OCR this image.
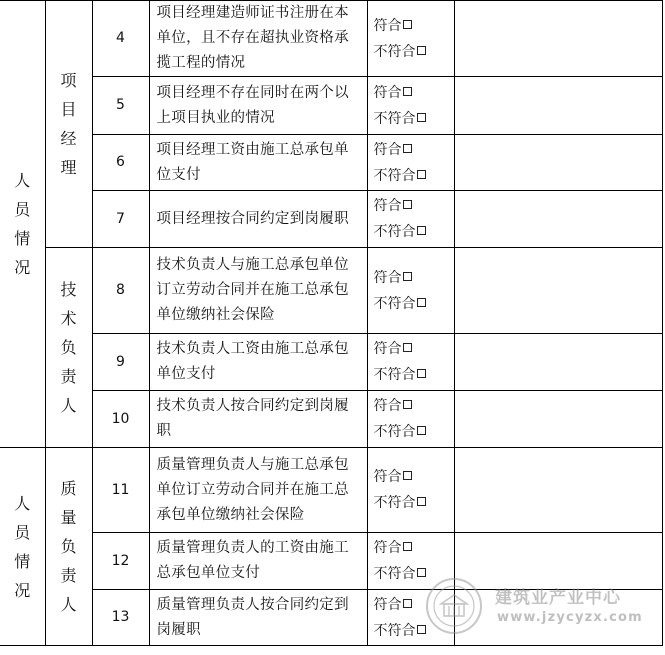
人员情况	项目经理	4	项目经理建造师证书注册在本单位，且不存在超执业资格承揽工程的情况	符合
不符合	

		5	项目经理不存在同时在两个以上项目执业的情况	符合
不符合	

		6	项目经理工资由施工总承包单位支付	符合
不符合	

		7	项目经理按合同约定到岗履职	符合
不符合	

	技术负责人	8	技术负责人与施工总承包单位订立劳动合同并在施工总承包单位缴纳社会保险	符合
不符合	

		9	技术负责人工资由施工总承包单位支付	符合
不符合	

		10	技术负责人按合同约定到岗履职	符合
不符合	

人员情况	质量负责人	11	质量管理负责人与施工总承包单位订立劳动合同并在施工总承包单位缴纳社会保险	符合
不符合	

		12	质量管理负责人的工资由施工总承包单位支付	符合
不符合	

		13	质量管理负责人按合同约定到岗履职	符合
不符合	

建筑业产业中心
www.jzycyzx.com
